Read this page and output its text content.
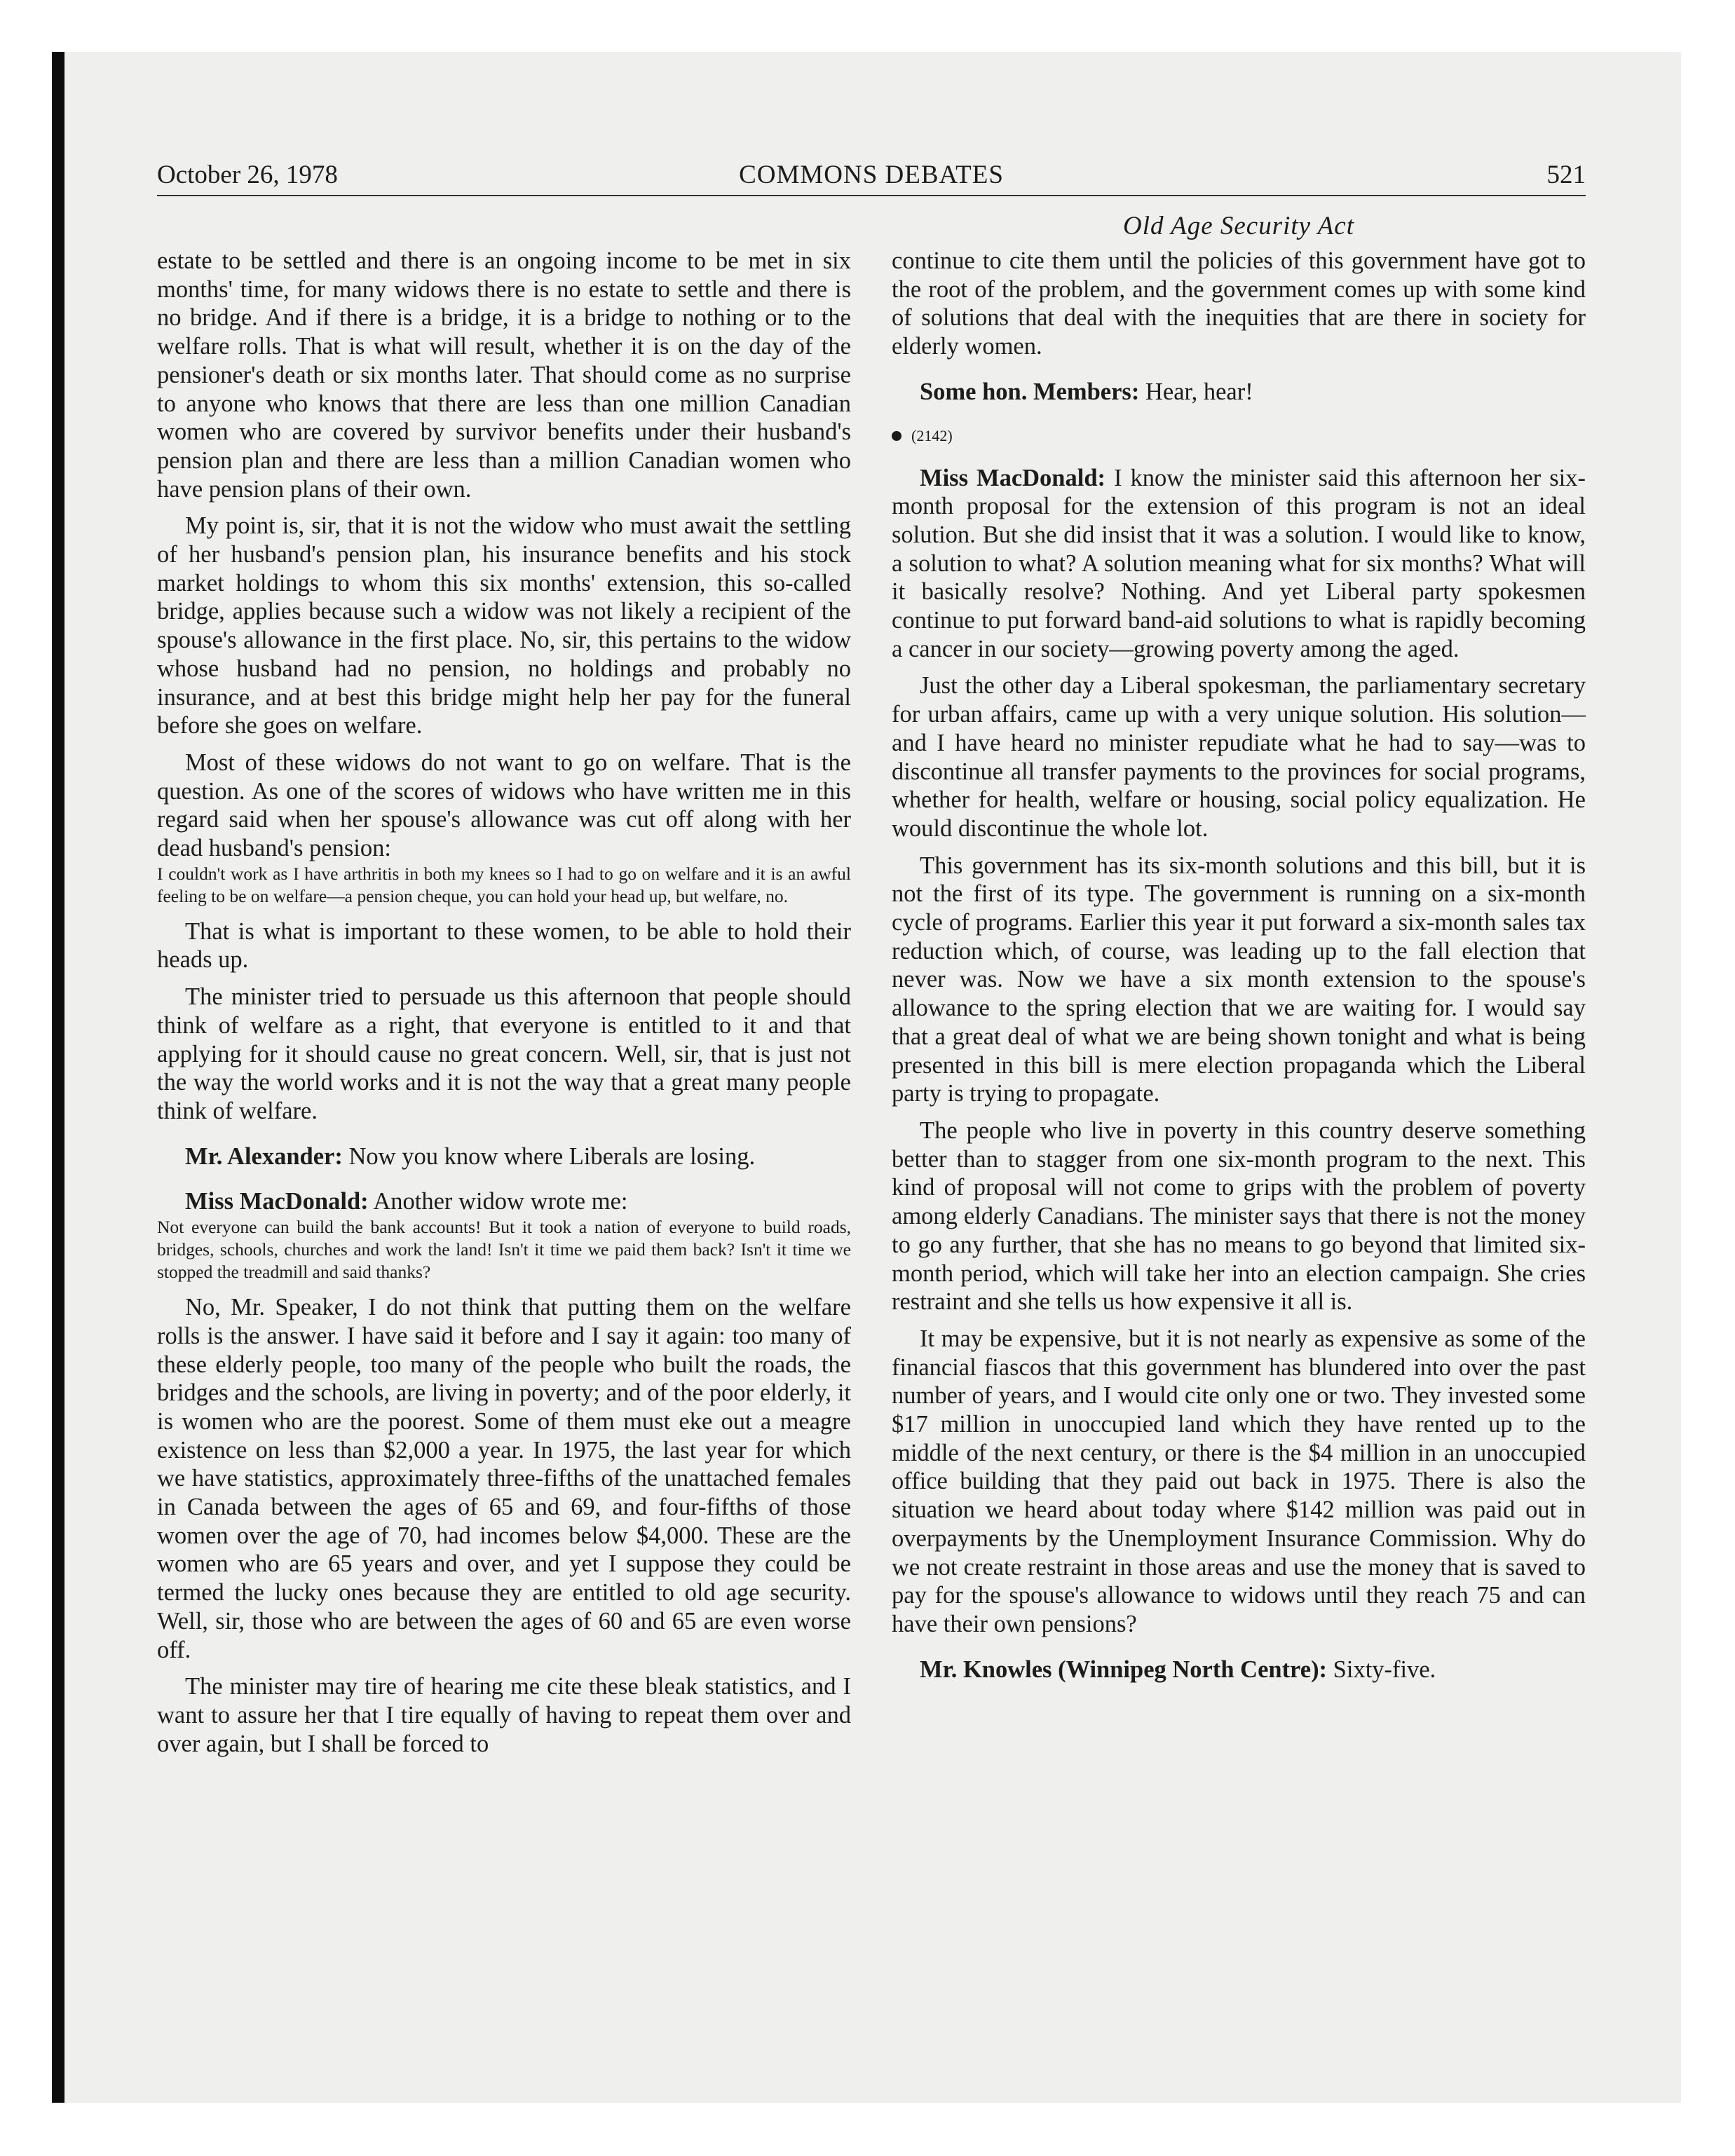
October 26, 1978	COMMONS DEBATES	521
Old Age Security Act

estate to be settled and there is an ongoing income to be met in six months' time, for many widows there is no estate to settle and there is no bridge. And if there is a bridge, it is a bridge to nothing or to the welfare rolls. That is what will result, whether it is on the day of the pensioner's death or six months later. That should come as no surprise to anyone who knows that there are less than one million Canadian women who are covered by survivor benefits under their husband's pension plan and there are less than a million Canadian women who have pension plans of their own.

My point is, sir, that it is not the widow who must await the settling of her husband's pension plan, his insurance benefits and his stock market holdings to whom this six months' extension, this so-called bridge, applies because such a widow was not likely a recipient of the spouse's allowance in the first place. No, sir, this pertains to the widow whose husband had no pension, no holdings and probably no insurance, and at best this bridge might help her pay for the funeral before she goes on welfare.

Most of these widows do not want to go on welfare. That is the question. As one of the scores of widows who have written me in this regard said when her spouse's allowance was cut off along with her dead husband's pension:

I couldn't work as I have arthritis in both my knees so I had to go on welfare and it is an awful feeling to be on welfare—a pension cheque, you can hold your head up, but welfare, no.

That is what is important to these women, to be able to hold their heads up.

The minister tried to persuade us this afternoon that people should think of welfare as a right, that everyone is entitled to it and that applying for it should cause no great concern. Well, sir, that is just not the way the world works and it is not the way that a great many people think of welfare.

Mr. Alexander: Now you know where Liberals are losing.

Miss MacDonald: Another widow wrote me:

Not everyone can build the bank accounts! But it took a nation of everyone to build roads, bridges, schools, churches and work the land! Isn't it time we paid them back? Isn't it time we stopped the treadmill and said thanks?

No, Mr. Speaker, I do not think that putting them on the welfare rolls is the answer. I have said it before and I say it again: too many of these elderly people, too many of the people who built the roads, the bridges and the schools, are living in poverty; and of the poor elderly, it is women who are the poorest. Some of them must eke out a meagre existence on less than $2,000 a year. In 1975, the last year for which we have statistics, approximately three-fifths of the unattached females in Canada between the ages of 65 and 69, and four-fifths of those women over the age of 70, had incomes below $4,000. These are the women who are 65 years and over, and yet I suppose they could be termed the lucky ones because they are entitled to old age security. Well, sir, those who are between the ages of 60 and 65 are even worse off.

The minister may tire of hearing me cite these bleak statistics, and I want to assure her that I tire equally of having to repeat them over and over again, but I shall be forced to

continue to cite them until the policies of this government have got to the root of the problem, and the government comes up with some kind of solutions that deal with the inequities that are there in society for elderly women.

Some hon. Members: Hear, hear!

(2142)

Miss MacDonald: I know the minister said this afternoon her six-month proposal for the extension of this program is not an ideal solution. But she did insist that it was a solution. I would like to know, a solution to what? A solution meaning what for six months? What will it basically resolve? Nothing. And yet Liberal party spokesmen continue to put forward band-aid solutions to what is rapidly becoming a cancer in our society—growing poverty among the aged.

Just the other day a Liberal spokesman, the parliamentary secretary for urban affairs, came up with a very unique solution. His solution—and I have heard no minister repudiate what he had to say—was to discontinue all transfer payments to the provinces for social programs, whether for health, welfare or housing, social policy equalization. He would discontinue the whole lot.

This government has its six-month solutions and this bill, but it is not the first of its type. The government is running on a six-month cycle of programs. Earlier this year it put forward a six-month sales tax reduction which, of course, was leading up to the fall election that never was. Now we have a six month extension to the spouse's allowance to the spring election that we are waiting for. I would say that a great deal of what we are being shown tonight and what is being presented in this bill is mere election propaganda which the Liberal party is trying to propagate.

The people who live in poverty in this country deserve something better than to stagger from one six-month program to the next. This kind of proposal will not come to grips with the problem of poverty among elderly Canadians. The minister says that there is not the money to go any further, that she has no means to go beyond that limited six-month period, which will take her into an election campaign. She cries restraint and she tells us how expensive it all is.

It may be expensive, but it is not nearly as expensive as some of the financial fiascos that this government has blundered into over the past number of years, and I would cite only one or two. They invested some $17 million in unoccupied land which they have rented up to the middle of the next century, or there is the $4 million in an unoccupied office building that they paid out back in 1975. There is also the situation we heard about today where $142 million was paid out in overpayments by the Unemployment Insurance Commission. Why do we not create restraint in those areas and use the money that is saved to pay for the spouse's allowance to widows until they reach 75 and can have their own pensions?

Mr. Knowles (Winnipeg North Centre): Sixty-five.
